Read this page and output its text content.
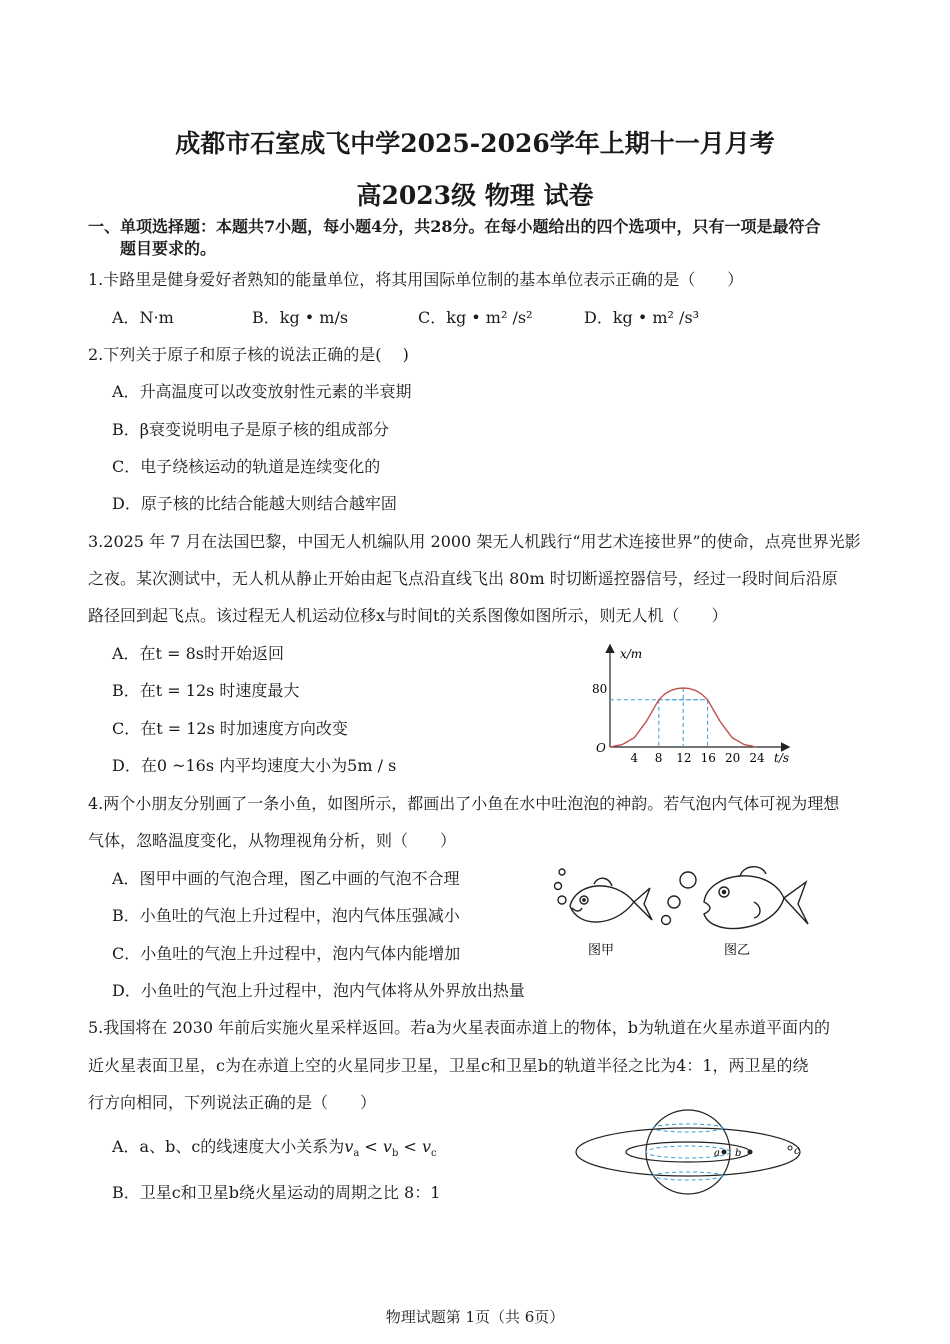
成都市石室成飞中学2025-2026学年上期十一月月考
高2023级 物理 试卷
一、单项选择题：本题共7小题，每小题4分，共28分。在每小题给出的四个选项中，只有一项是最符合
题目要求的。
1.卡路里是健身爱好者熟知的能量单位，将其用国际单位制的基本单位表示正确的是（　　）
A．N·m	B．kg • m/s	C．kg • m² /s²	D．kg • m² /s³
2.下列关于原子和原子核的说法正确的是(　 )
A．升高温度可以改变放射性元素的半衰期
B．β衰变说明电子是原子核的组成部分
C．电子绕核运动的轨道是连续变化的
D．原子核的比结合能越大则结合越牢固
3.2025 年 7 月在法国巴黎，中国无人机编队用 2000 架无人机践行“用艺术连接世界”的使命，点亮世界光影
之夜。某次测试中，无人机从静止开始由起飞点沿直线飞出 80m 时切断遥控器信号，经过一段时间后沿原
路径回到起飞点。该过程无人机运动位移x与时间t的关系图像如图所示，则无人机（　　）
A．在t = 8s时开始返回
B．在t = 12s 时速度最大
C．在t = 12s 时加速度方向改变
D．在0 ~16s 内平均速度大小为5m / s
x/m
t/s
O
80
4 8 12 16 20 24
4.两个小朋友分别画了一条小鱼，如图所示，都画出了小鱼在水中吐泡泡的神韵。若气泡内气体可视为理想
气体，忽略温度变化，从物理视角分析，则（　　）
A．图甲中画的气泡合理，图乙中画的气泡不合理
B．小鱼吐的气泡上升过程中，泡内气体压强减小
C．小鱼吐的气泡上升过程中，泡内气体内能增加
D．小鱼吐的气泡上升过程中，泡内气体将从外界放出热量
图甲	图乙
5.我国将在 2030 年前后实施火星采样返回。若a为火星表面赤道上的物体，b为轨道在火星赤道平面内的
近火星表面卫星，c为在赤道上空的火星同步卫星，卫星c和卫星b的轨道半径之比为4：1，两卫星的绕
行方向相同，下列说法正确的是（　　）
A．a、b、c的线速度大小关系为$v_a < v_b < v_c$
B．卫星c和卫星b绕火星运动的周期之比 8：1
a b	c
物理试题第 1页（共 6页）
